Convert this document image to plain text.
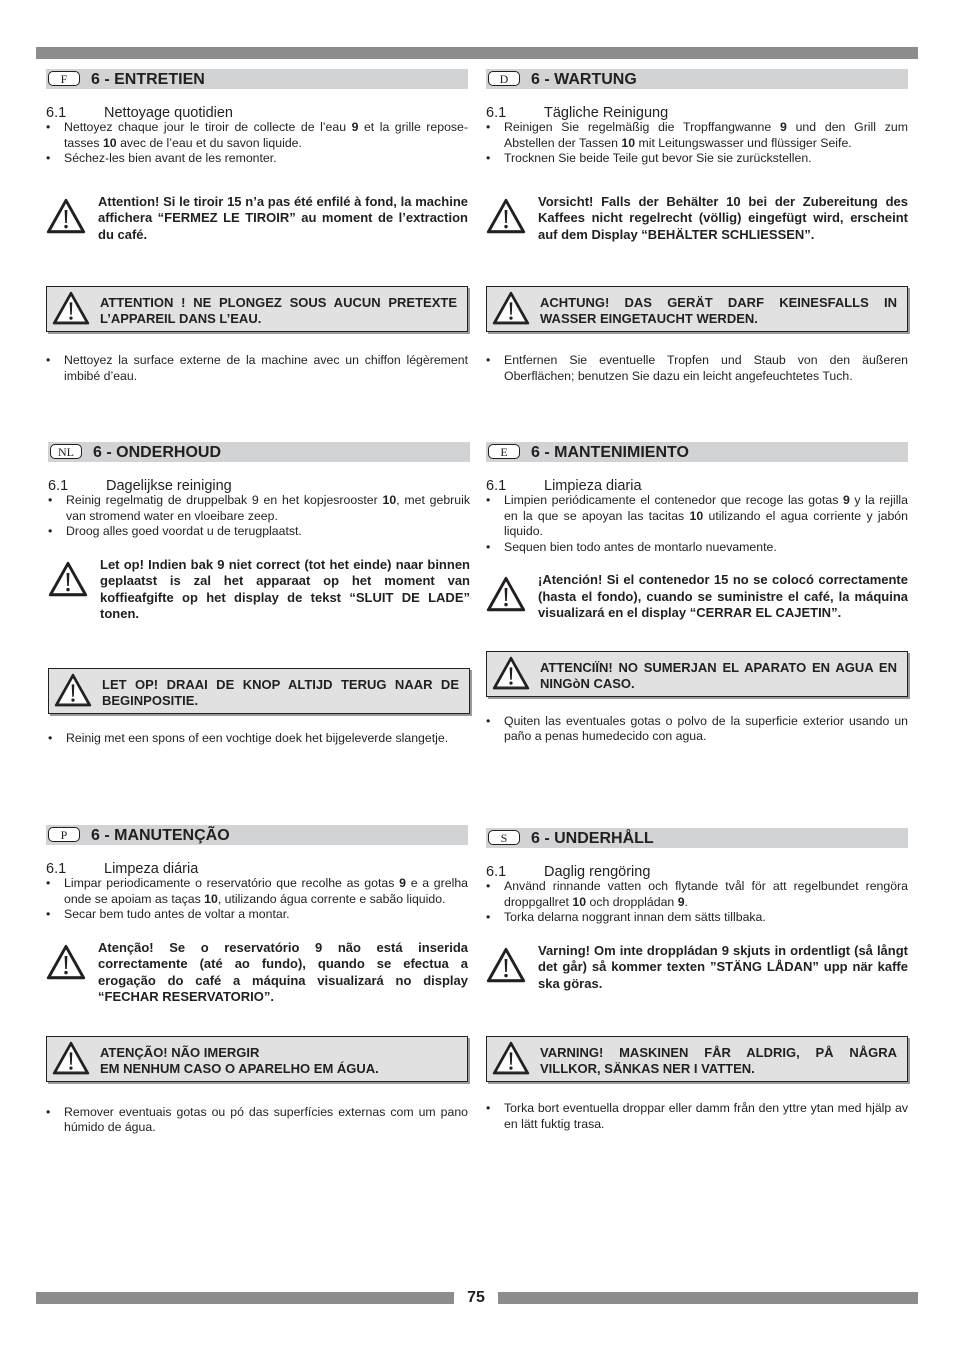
F	6 - ENTRETIEN
6.1	Nettoyage quotidien
• Nettoyez chaque jour le tiroir de collecte de l’eau 9 et la grille repose-tasses 10 avec de l’eau et du savon liquide.
• Séchez-les bien avant de les remonter.
Attention! Si le tiroir 15 n’a pas été enfilé à fond, la machine affichera “FERMEZ LE TIROIR” au moment de l’extraction du café.
ATTENTION ! NE PLONGEZ SOUS AUCUN PRETEXTE L’APPAREIL DANS L’EAU.
• Nettoyez la surface externe de la machine avec un chiffon légèrement imbibé d’eau.
D	6 - WARTUNG
6.1	Tägliche Reinigung
• Reinigen Sie regelmäßig die Tropffangwanne 9 und den Grill zum Abstellen der Tassen 10 mit Leitungswasser und flüssiger Seife.
• Trocknen Sie beide Teile gut bevor Sie sie zurückstellen.
Vorsicht! Falls der Behälter 10 bei der Zubereitung des Kaffees nicht regelrecht (völlig) eingefügt wird, erscheint auf dem Display “BEHÄLTER SCHLIESSEN”.
ACHTUNG! DAS GERÄT DARF KEINESFALLS IN WASSER EINGETAUCHT WERDEN.
• Entfernen Sie eventuelle Tropfen und Staub von den äußeren Oberflächen; benutzen Sie dazu ein leicht angefeuchtetes Tuch.
NL	6 - ONDERHOUD
6.1	Dagelijkse reiniging
• Reinig regelmatig de druppelbak 9 en het kopjesrooster 10, met gebruik van stromend water en vloeibare zeep.
• Droog alles goed voordat u de terugplaatst.
Let op! Indien bak 9 niet correct (tot het einde) naar binnen geplaatst is zal het apparaat op het moment van koffieafgifte op het display de tekst “SLUIT DE LADE” tonen.
LET OP! DRAAI DE KNOP ALTIJD TERUG NAAR DE BEGINPOSITIE.
• Reinig met een spons of een vochtige doek het bijgeleverde slangetje.
E	6 - MANTENIMIENTO
6.1	Limpieza diaria
• Limpien periódicamente el contenedor que recoge las gotas 9 y la rejilla en la que se apoyan las tacitas 10 utilizando el agua corriente y jabón liquido.
• Sequen bien todo antes de montarlo nuevamente.
¡Atención! Si el contenedor 15 no se colocó correctamente (hasta el fondo), cuando se suministre el café, la máquina visualizará en el display “CERRAR EL CAJETIN”.
ATTENCIÏN! NO SUMERJAN EL APARATO EN AGUA EN NINGòN CASO.
• Quiten las eventuales gotas o polvo de la superficie exterior usando un paño a penas humedecido con agua.
P	6 - MANUTENÇÃO
6.1	Limpeza diária
• Limpar periodicamente o reservatório que recolhe as gotas 9 e a grelha onde se apoiam as taças 10, utilizando água corrente e sabão liquido.
• Secar bem tudo antes de voltar a montar.
Atenção! Se o reservatório 9 não está inserida correctamente (até ao fundo), quando se efectua a erogação do café a máquina visualizará no display “FECHAR RESERVATORIO”.
ATENÇÃO! NÃO IMERGIR
EM NENHUM CASO O APARELHO EM ÁGUA.
• Remover eventuais gotas ou pó das superfícies externas com um pano húmido de água.
S	6 - UNDERHÅLL
6.1	Daglig rengöring
• Använd rinnande vatten och flytande tvål för att regelbundet rengöra droppgallret 10 och droppládan 9.
• Torka delarna noggrant innan dem sätts tillbaka.
Varning! Om inte droppládan 9 skjuts in ordentligt (så långt det går) så kommer texten ”STÄNG LÅDAN” upp när kaffe ska göras.
VARNING! MASKINEN FÅR ALDRIG, PÅ NÅGRA VILLKOR, SÄNKAS NER I VATTEN.
• Torka bort eventuella droppar eller damm från den yttre ytan med hjälp av en lätt fuktig trasa.
75
